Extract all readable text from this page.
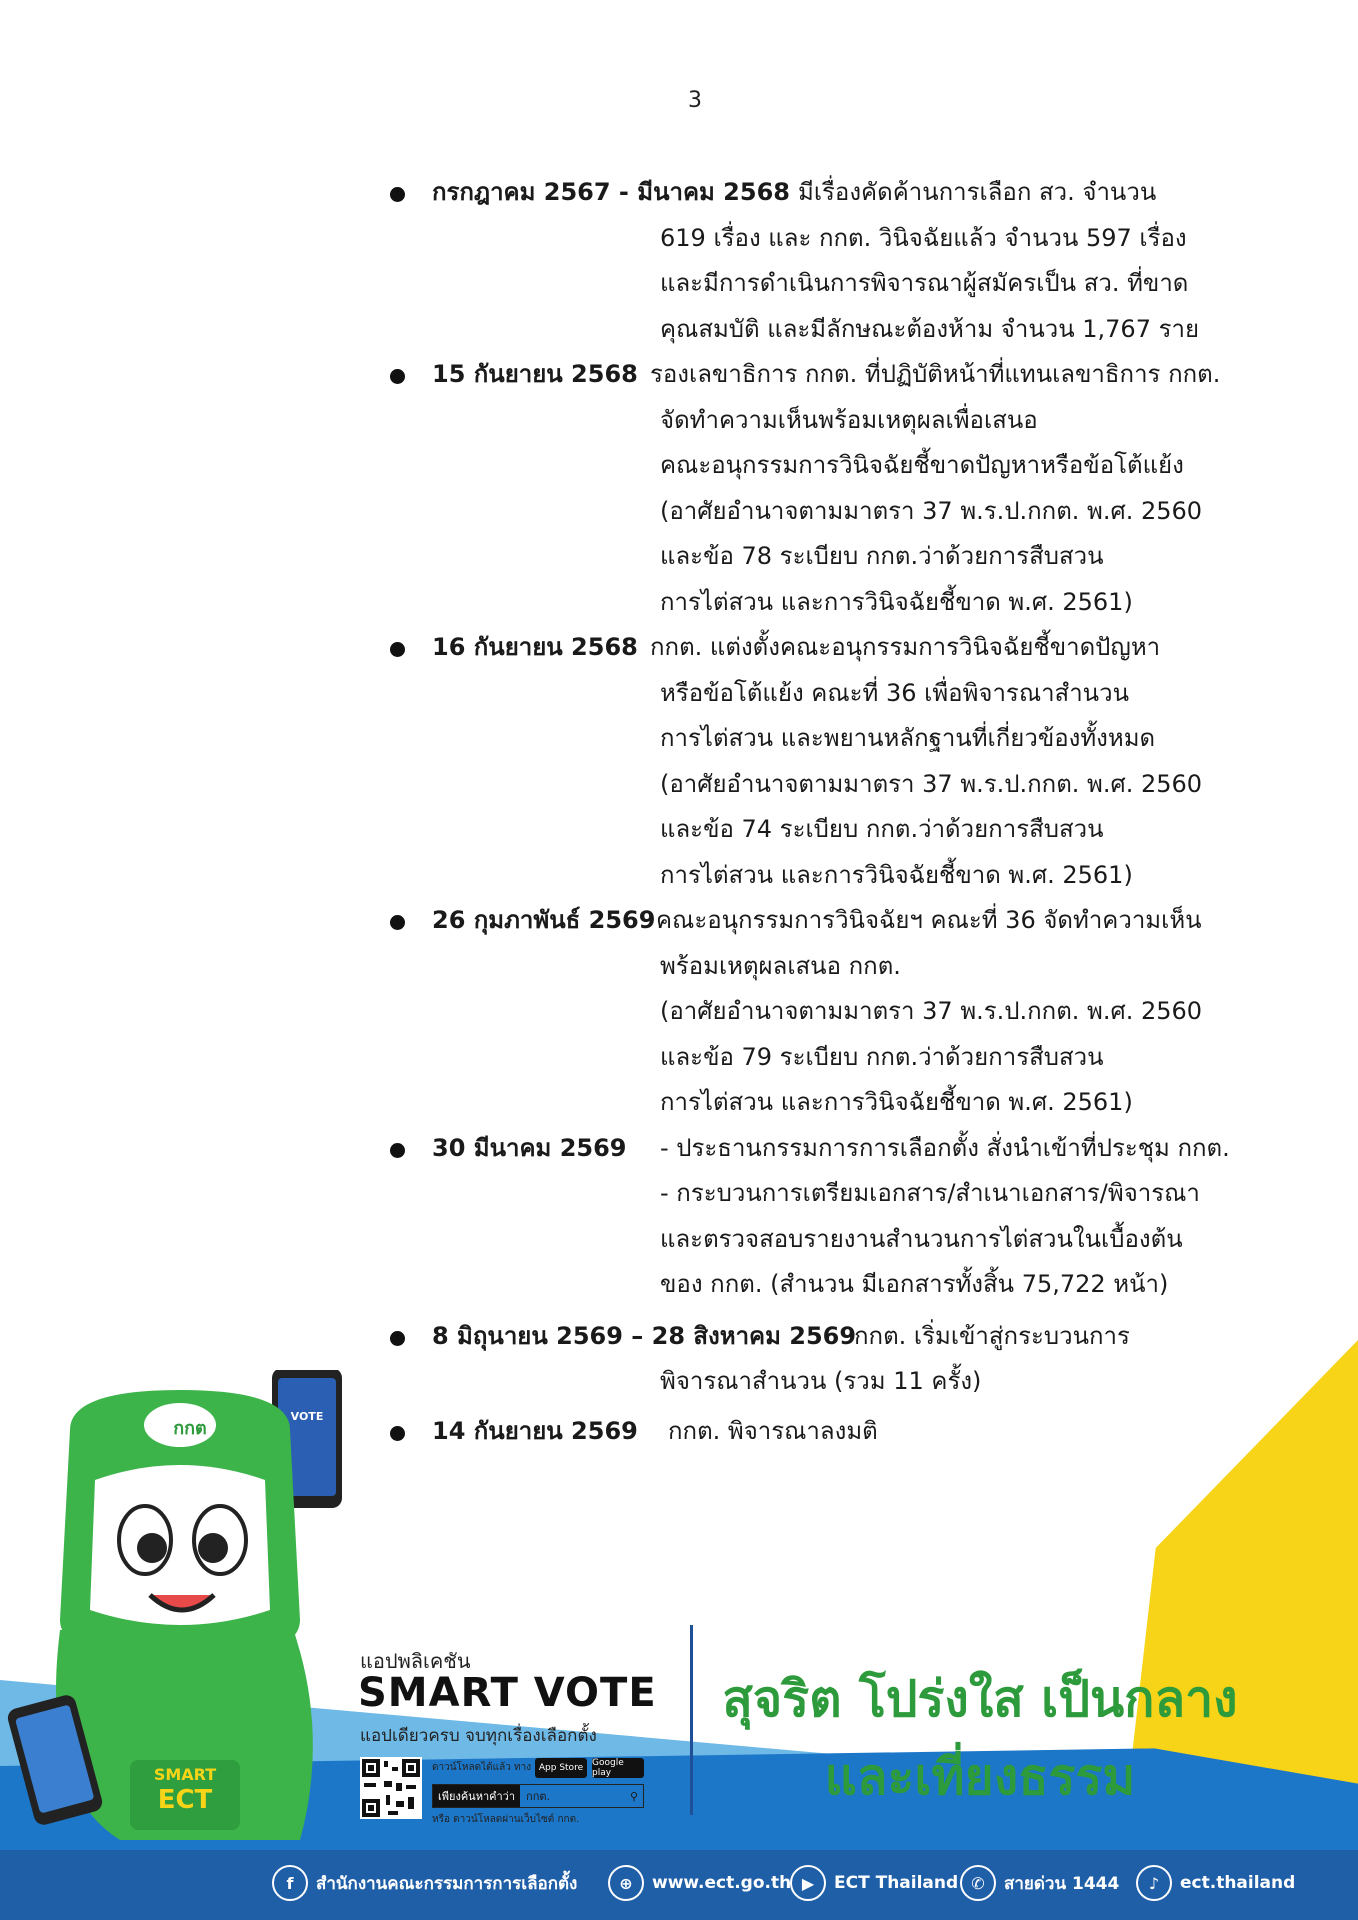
3
กรกฎาคม 2567 - มีนาคม 2568 มีเรื่องคัดค้านการเลือก สว. จำนวน
619 เรื่อง และ กกต. วินิจฉัยแล้ว จำนวน 597 เรื่อง
และมีการดำเนินการพิจารณาผู้สมัครเป็น สว. ที่ขาด
คุณสมบัติ และมีลักษณะต้องห้าม จำนวน 1,767 ราย
15 กันยายน 2568 รองเลขาธิการ กกต. ที่ปฏิบัติหน้าที่แทนเลขาธิการ กกต.
จัดทำความเห็นพร้อมเหตุผลเพื่อเสนอ
คณะอนุกรรมการวินิจฉัยชี้ขาดปัญหาหรือข้อโต้แย้ง
(อาศัยอำนาจตามมาตรา 37 พ.ร.ป.กกต. พ.ศ. 2560
และข้อ 78 ระเบียบ กกต.ว่าด้วยการสืบสวน
การไต่สวน และการวินิจฉัยชี้ขาด พ.ศ. 2561)
16 กันยายน 2568 กกต. แต่งตั้งคณะอนุกรรมการวินิจฉัยชี้ขาดปัญหา
หรือข้อโต้แย้ง คณะที่ 36 เพื่อพิจารณาสำนวน
การไต่สวน และพยานหลักฐานที่เกี่ยวข้องทั้งหมด
(อาศัยอำนาจตามมาตรา 37 พ.ร.ป.กกต. พ.ศ. 2560
และข้อ 74 ระเบียบ กกต.ว่าด้วยการสืบสวน
การไต่สวน และการวินิจฉัยชี้ขาด พ.ศ. 2561)
26 กุมภาพันธ์ 2569 คณะอนุกรรมการวินิจฉัยฯ คณะที่ 36 จัดทำความเห็น
พร้อมเหตุผลเสนอ กกต.
(อาศัยอำนาจตามมาตรา 37 พ.ร.ป.กกต. พ.ศ. 2560
และข้อ 79 ระเบียบ กกต.ว่าด้วยการสืบสวน
การไต่สวน และการวินิจฉัยชี้ขาด พ.ศ. 2561)
30 มีนาคม 2569 - ประธานกรรมการการเลือกตั้ง สั่งนำเข้าที่ประชุม กกต.
- กระบวนการเตรียมเอกสาร/สำเนาเอกสาร/พิจารณา
และตรวจสอบรายงานสำนวนการไต่สวนในเบื้องต้น
ของ กกต. (สำนวน มีเอกสารทั้งสิ้น 75,722 หน้า)
8 มิถุนายน 2569 – 28 สิงหาคม 2569
กกต. เริ่มเข้าสู่กระบวนการ
พิจารณาสำนวน (รวม 11 ครั้ง)
14 กันยายน 2569 กกต. พิจารณาลงมติ
กกต
VOTE
SMART
ECT
แอปพลิเคชัน
SMART VOTE
แอปเดียวครบ จบทุกเรื่องเลือกตั้ง
ดาวน์โหลดได้แล้ว ทาง App Store Google play
เพียงค้นหาคำว่า	กกต.	⚲
หรือ ดาวน์โหลดผ่านเว็บไซต์ กกต.
สุจริต โปร่งใส เป็นกลาง
และเที่ยงธรรม
f	สำนักงานคณะกรรมการการเลือกตั้ง	⊕	www.ect.go.th ▶	ECT Thailand ✆	สายด่วน 1444	♪	ect.thailand
